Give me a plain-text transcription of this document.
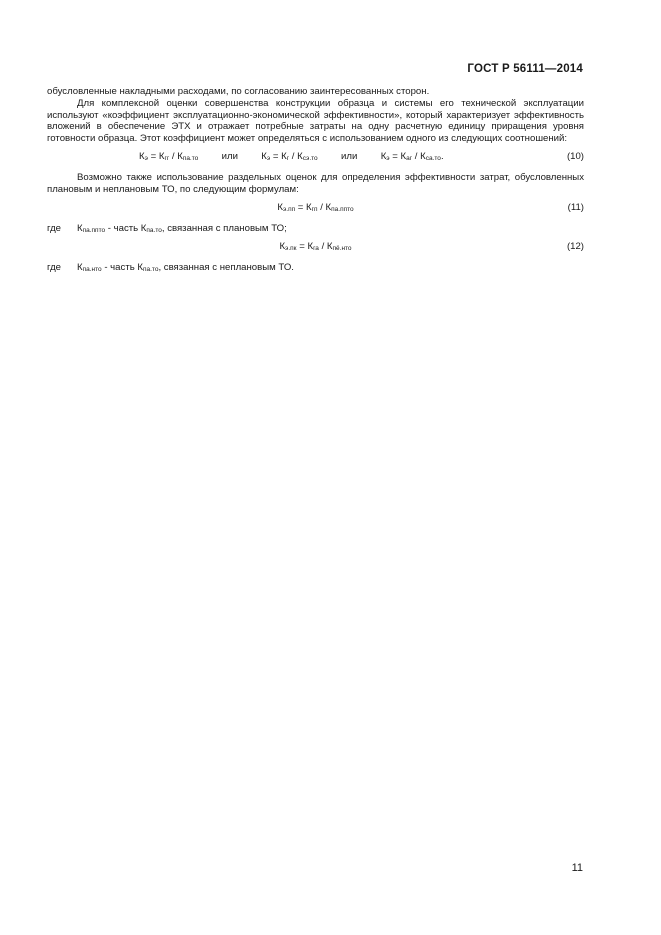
ГОСТ Р 56111—2014

обусловленные накладными расходами, по согласованию заинтересованных сторон.

Для комплексной оценки совершенства конструкции образца и системы его технической эксплуатации используют «коэффициент эксплуатационно-экономической эффективности», который характеризует эффективность вложений в обеспечение ЭТХ и отражает потребные затраты на одну расчетную единицу приращения уровня готовности образца. Этот коэффициент может определяться с использованием одного из следующих соотношений:

$К_э = К_{гг} / К_{па.то}$ или $К_э = К_г / К_{сэ.то}$ или $К_э = К_{аг} / К_{са.то}$.	(10)

Возможно также использование раздельных оценок для определения эффективности затрат, обусловленных плановым и неплановым ТО, по следующим формулам:

$К_{э.пп} = К_{гп} / К_{па.ппто}$	(11)
где $К_{па.ппто}$ - часть $К_{па.то}$, связанная с плановым ТО;
$К_{э.пк} = К_{га} / К_{пё.нто}$	(12)
где $К_{па.нто}$ - часть $К_{па.то}$, связанная с неплановым ТО.
11
